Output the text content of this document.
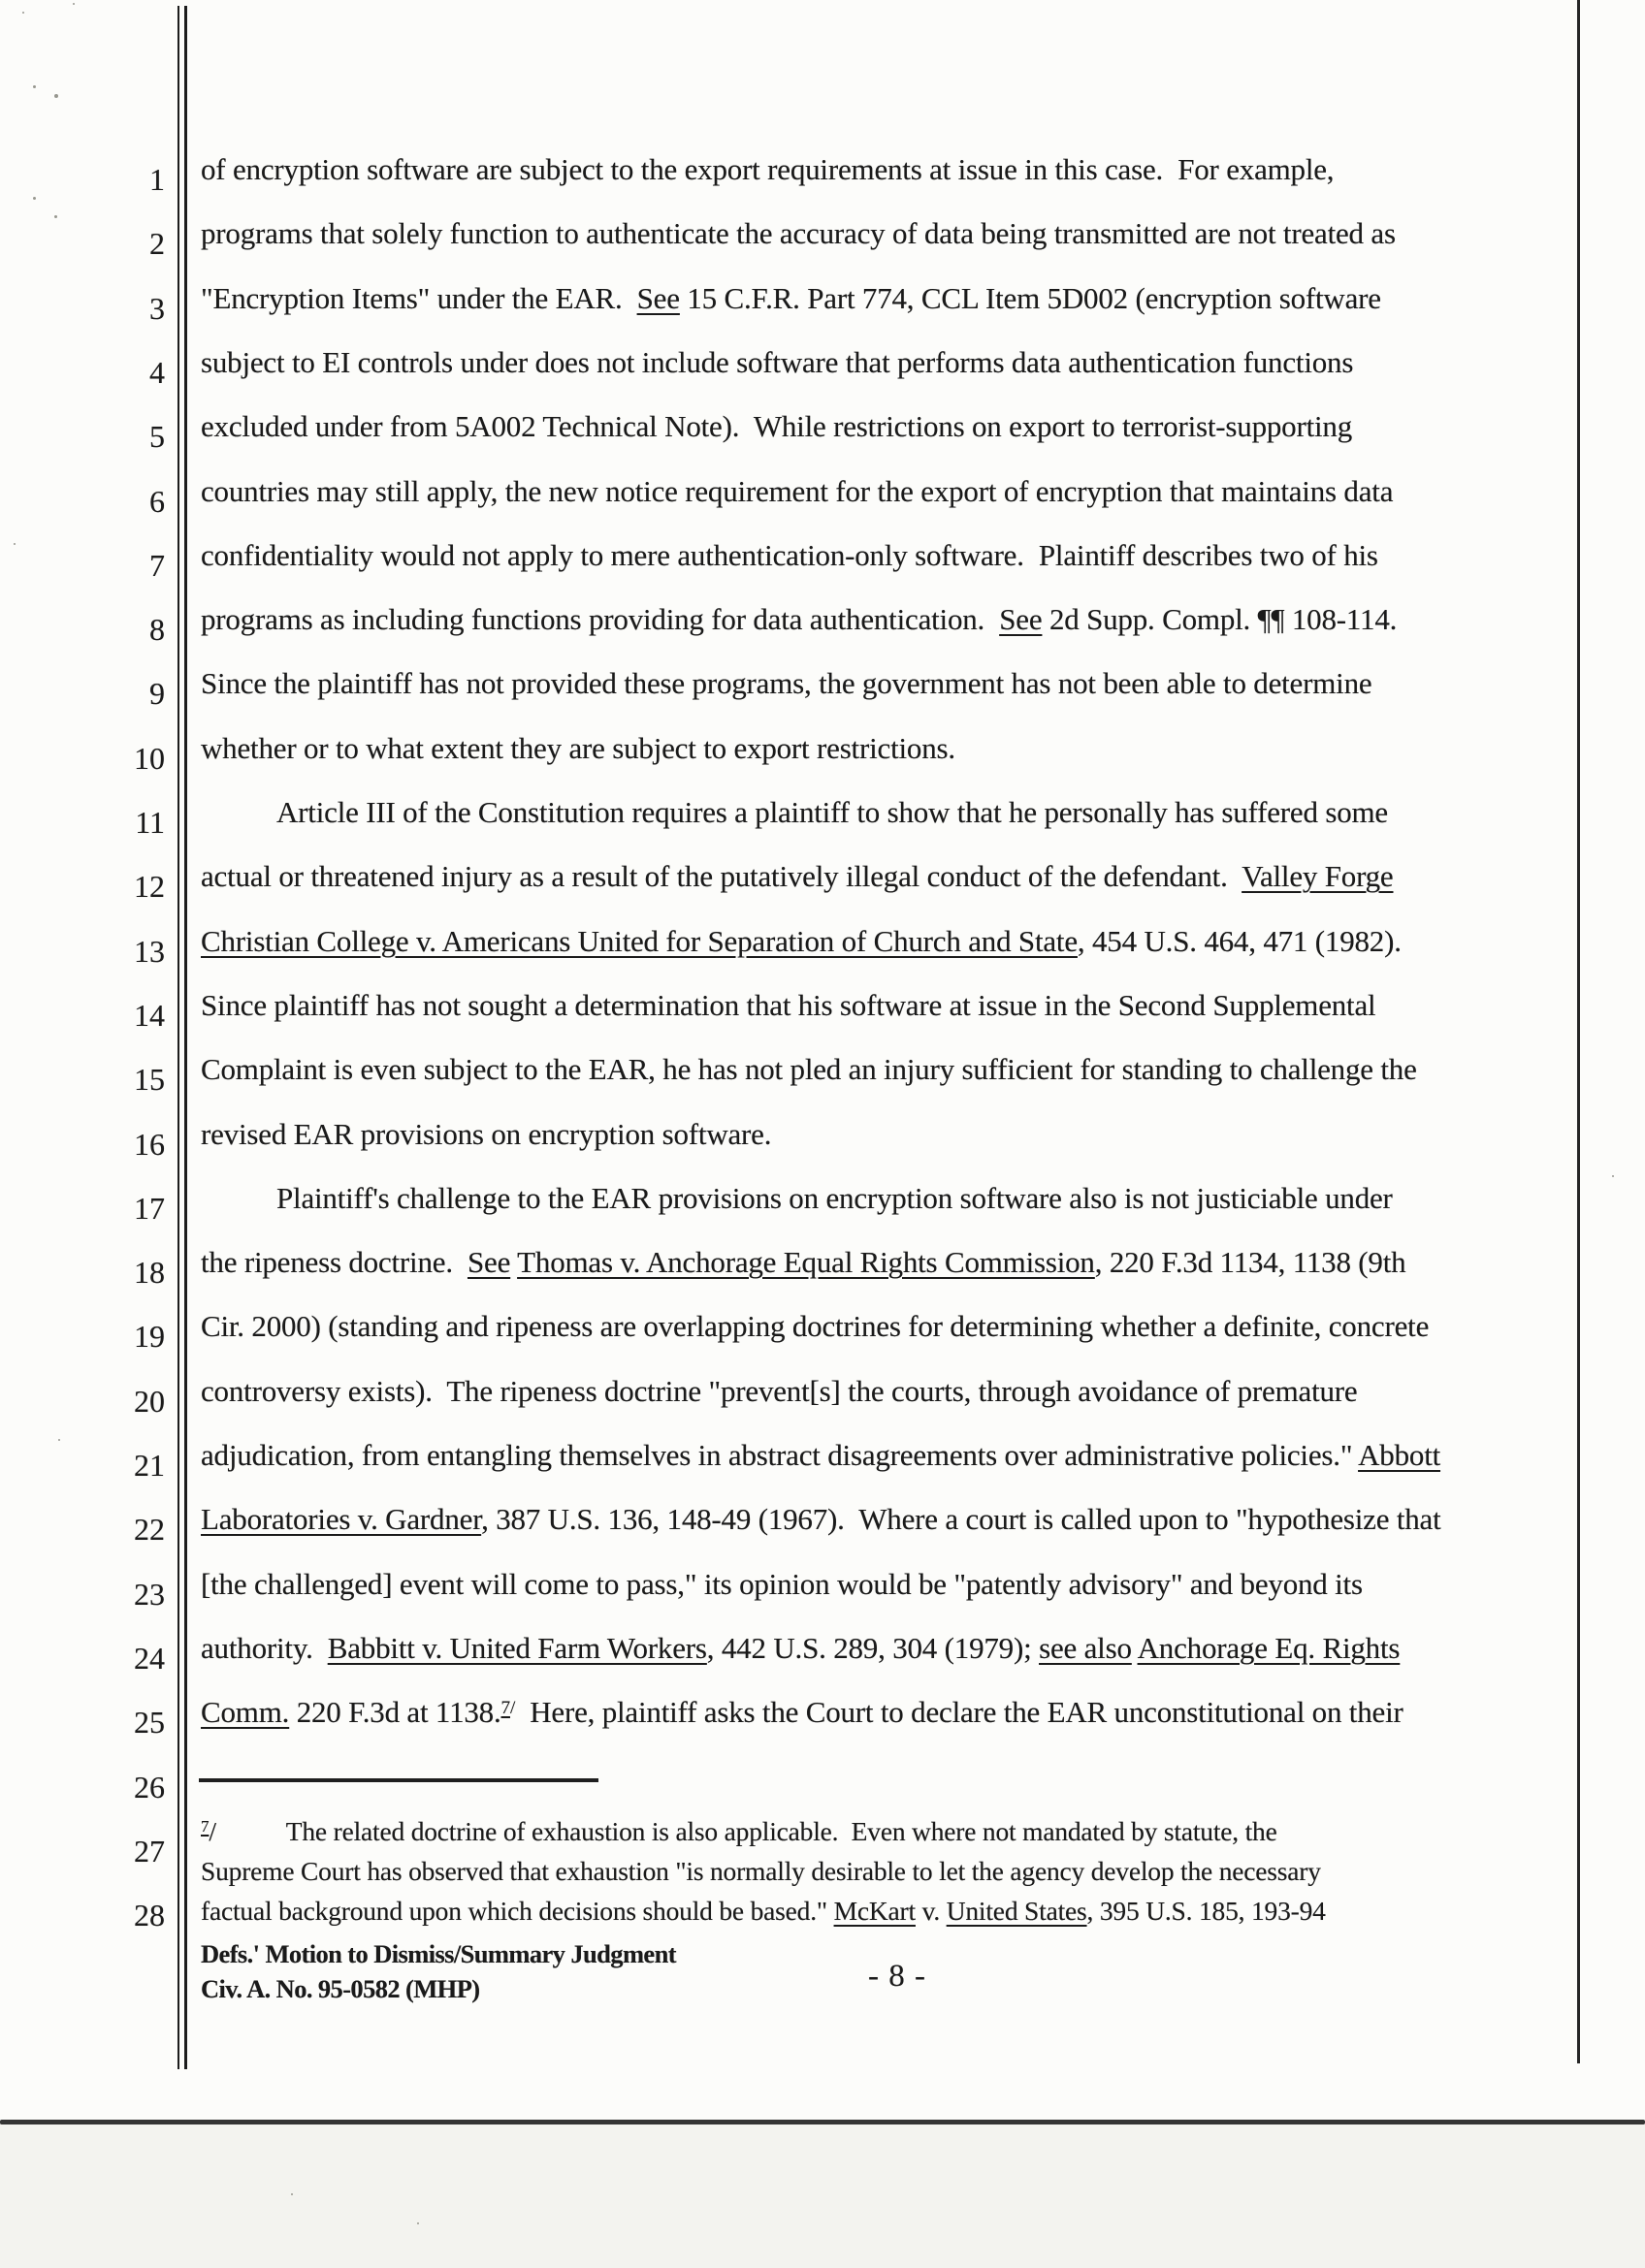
1
2
3
4
5
6
7
8
9
10
11
12
13
14
15
16
17
18
19
20
21
22
23
24
25
26
27
28
of encryption software are subject to the export requirements at issue in this case.  For example,
programs that solely function to authenticate the accuracy of data being transmitted are not treated as
"Encryption Items" under the EAR.  See 15 C.F.R. Part 774, CCL Item 5D002 (encryption software
subject to EI controls under does not include software that performs data authentication functions
excluded under from 5A002 Technical Note).  While restrictions on export to terrorist-supporting
countries may still apply, the new notice requirement for the export of encryption that maintains data
confidentiality would not apply to mere authentication-only software.  Plaintiff describes two of his
programs as including functions providing for data authentication.  See 2d Supp. Compl. ¶¶ 108-114.
Since the plaintiff has not provided these programs, the government has not been able to determine
whether or to what extent they are subject to export restrictions.
Article III of the Constitution requires a plaintiff to show that he personally has suffered some
actual or threatened injury as a result of the putatively illegal conduct of the defendant.  Valley Forge
Christian College v. Americans United for Separation of Church and State, 454 U.S. 464, 471 (1982).
Since plaintiff has not sought a determination that his software at issue in the Second Supplemental
Complaint is even subject to the EAR, he has not pled an injury sufficient for standing to challenge the
revised EAR provisions on encryption software.
Plaintiff's challenge to the EAR provisions on encryption software also is not justiciable under
the ripeness doctrine.  See Thomas v. Anchorage Equal Rights Commission, 220 F.3d 1134, 1138 (9th
Cir. 2000) (standing and ripeness are overlapping doctrines for determining whether a definite, concrete
controversy exists).  The ripeness doctrine "prevent[s] the courts, through avoidance of premature
adjudication, from entangling themselves in abstract disagreements over administrative policies." Abbott
Laboratories v. Gardner, 387 U.S. 136, 148-49 (1967).  Where a court is called upon to "hypothesize that
[the challenged] event will come to pass," its opinion would be "patently advisory" and beyond its
authority.  Babbitt v. United Farm Workers, 442 U.S. 289, 304 (1979); see also Anchorage Eq. Rights
Comm. 220 F.3d at 1138.$^{7/}$  Here, plaintiff asks the Court to declare the EAR unconstitutional on their
$^7$/	The related doctrine of exhaustion is also applicable.  Even where not mandated by statute, the
Supreme Court has observed that exhaustion "is normally desirable to let the agency develop the necessary
factual background upon which decisions should be based." McKart v. United States, 395 U.S. 185, 193-94
Defs.' Motion to Dismiss/Summary Judgment
Civ. A. No. 95-0582 (MHP)	- 8 -
